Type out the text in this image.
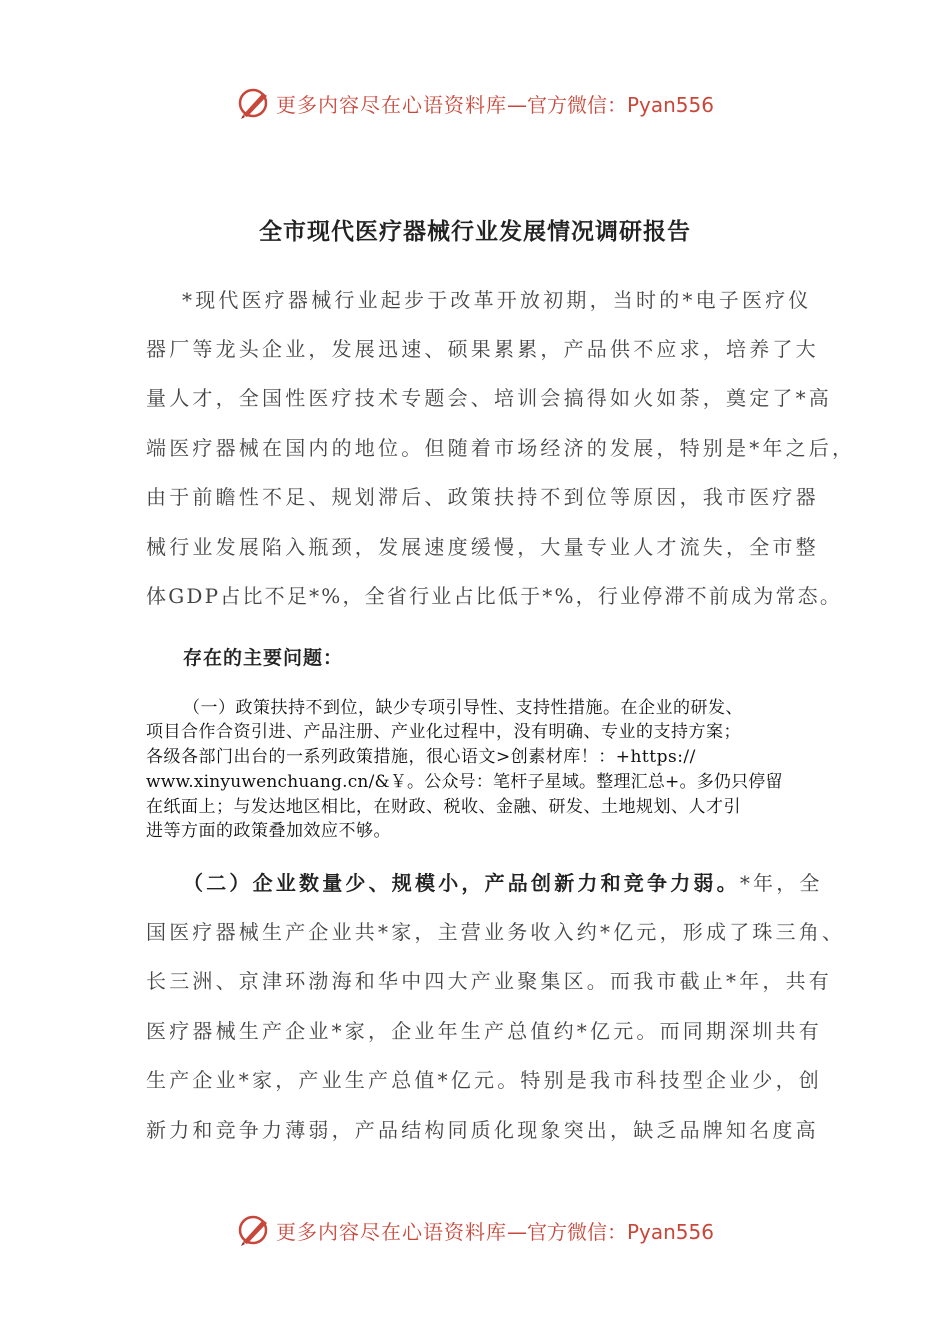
更多内容尽在心语资料库 —官方微信：Pyan556
全市现代医疗器械行业发展情况调研报告
*现代医疗器械行业起步于改革开放初期，当时的*电子医疗仪
器厂等龙头企业，发展迅速、硕果累累，产品供不应求，培养了大
量人才，全国性医疗技术专题会、培训会搞得如火如荼，奠定了*高
端医疗器械在国内的地位。但随着市场经济的发展，特别是*年之后，
由于前瞻性不足、规划滞后、政策扶持不到位等原因，我市医疗器
械行业发展陷入瓶颈，发展速度缓慢，大量专业人才流失，全市整
体GDP占比不足*%，全省行业占比低于*%，行业停滞不前成为常态。
存在的主要问题：
（一）政策扶持不到位，缺少专项引导性、支持性措施。在企业的研发、
项目合作合资引进、产品注册、产业化过程中，没有明确、专业的支持方案；
各级各部门出台的一系列政策措施，很心语文>创素材库！：+https://
www.xinyuwenchuang.cn/&￥。公众号：笔杆子星域。整理汇总+。多仍只停留
在纸面上；与发达地区相比，在财政、税收、金融、研发、土地规划、人才引
进等方面的政策叠加效应不够。
（二）企业数量少、规模小，产品创新力和竞争力弱。*年，全
国医疗器械生产企业共*家，主营业务收入约*亿元，形成了珠三角、
长三洲、京津环渤海和华中四大产业聚集区。而我市截止*年，共有
医疗器械生产企业*家，企业年生产总值约*亿元。而同期深圳共有
生产企业*家，产业生产总值*亿元。特别是我市科技型企业少，创
新力和竞争力薄弱，产品结构同质化现象突出，缺乏品牌知名度高
更多内容尽在心语资料库 —官方微信：Pyan556
